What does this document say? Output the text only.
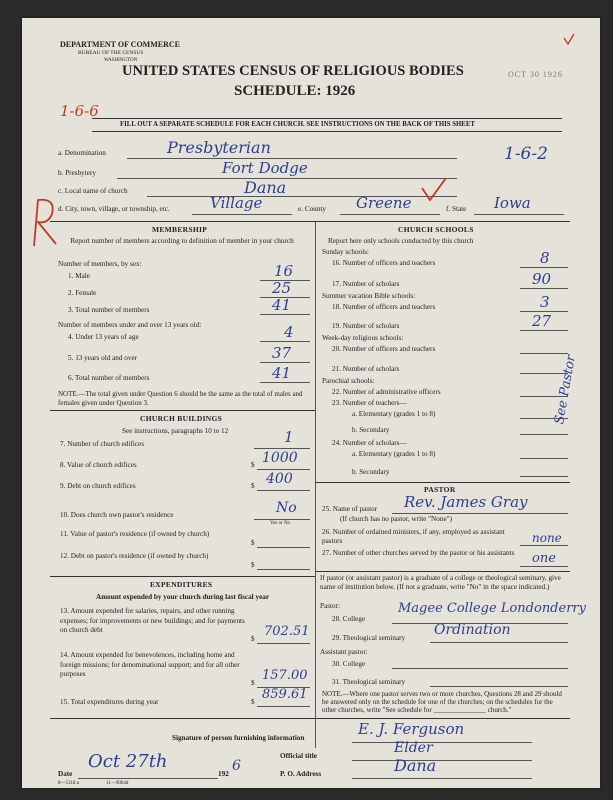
DEPARTMENT OF COMMERCE
BUREAU OF THE CENSUS
WASHINGTON
UNITED STATES CENSUS OF RELIGIOUS BODIES
SCHEDULE: 1926
OCT 30 1926
1-6-6
FILL OUT A SEPARATE SCHEDULE FOR EACH CHURCH. SEE INSTRUCTIONS ON THE BACK OF THIS SHEET
a. Denomination	Presbyterian	1-6-2
b. Presbytery	Fort Dodge
c. Local name of church	Dana
d. City, town, village, or township, etc.	Village	e. County Greene	f. State Iowa
MEMBERSHIP
Report number of members according to definition of member in your church
Number of members, by sex:
1. Male	16
2. Female	25
3. Total number of members	41
Number of members under and over 13 years old:
4. Under 13 years of age	4
5. 13 years old and over	37
6. Total number of members	41
NOTE.—The total given under Question 6 should be the same as the total of males and females given under Question 3.
CHURCH BUILDINGS
See instructions, paragraphs 10 to 12
7. Number of church edifices	1
8. Value of church edifices	$ 1000
9. Debt on church edifices	$ 400
10. Does church own pastor's residence	No
Yes or No
11. Value of pastor's residence (if owned by church)
$
12. Debt on pastor's residence (if owned by church)
$
EXPENDITURES
Amount expended by your church during last fiscal year
13. Amount expended for salaries, repairs, and other running expenses; for improvements or new buildings; and for payments on church debt
$ 702.51
14. Amount expended for benevolences, including home and foreign missions; for denominational support; and for all other purposes
$ 157.00
15. Total expenditures during year	$ 859.61
CHURCH SCHOOLS
Report here only schools conducted by this church
Sunday schools:
16. Number of officers and teachers	8
17. Number of scholars	90
Summer vacation Bible schools:
18. Number of officers and teachers	3
19. Number of scholars	27
Week-day religious schools:
20. Number of officers and teachers
21. Number of scholars
Parochial schools:
22. Number of administrative officers
23. Number of teachers—
a. Elementary (grades 1 to 8)
b. Secondary
24. Number of scholars—
a. Elementary (grades 1 to 8)
b. Secondary
See Pastor
PASTOR
25. Name of pastor Rev. James Gray
(If church has no pastor, write "None")
26. Number of ordained ministers, if any, employed as assistant pastors	none
27. Number of other churches served by the pastor or his assistants	one
If pastor (or assistant pastor) is a graduate of a college or theological seminary, give name of institution below. (If not a graduate, write "No" in the space indicated.)
Pastor:
28. College
Magee College Londonderry
29. Theological seminary Ordination
Assistant pastor:
30. College
31. Theological seminary
NOTE.—Where one pastor serves two or more churches, Questions 28 and 29 should be answered only on the schedule for one of the churches; on the schedules for the other churches, write "See schedule for _______________ church."
Signature of person furnishing information	E. J. Ferguson
Official title	Elder
Date
Oct 27th
192 6	P. O. Address	Dana
8—5318 a	11—9064d
